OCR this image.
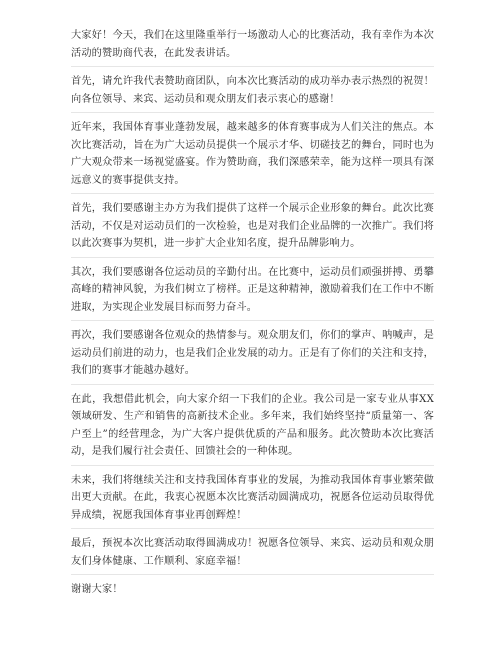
大家好！今天，我们在这里隆重举行一场激动人心的比赛活动，我有幸作为本次活动的赞助商代表，在此发表讲话。

首先，请允许我代表赞助商团队，向本次比赛活动的成功举办表示热烈的祝贺！向各位领导、来宾、运动员和观众朋友们表示衷心的感谢！

近年来，我国体育事业蓬勃发展，越来越多的体育赛事成为人们关注的焦点。本次比赛活动，旨在为广大运动员提供一个展示才华、切磋技艺的舞台，同时也为广大观众带来一场视觉盛宴。作为赞助商，我们深感荣幸，能为这样一项具有深远意义的赛事提供支持。

首先，我们要感谢主办方为我们提供了这样一个展示企业形象的舞台。此次比赛活动，不仅是对运动员们的一次检验，也是对我们企业品牌的一次推广。我们将以此次赛事为契机，进一步扩大企业知名度，提升品牌影响力。

其次，我们要感谢各位运动员的辛勤付出。在比赛中，运动员们顽强拼搏、勇攀高峰的精神风貌，为我们树立了榜样。正是这种精神，激励着我们在工作中不断进取，为实现企业发展目标而努力奋斗。

再次，我们要感谢各位观众的热情参与。观众朋友们，你们的掌声、呐喊声，是运动员们前进的动力，也是我们企业发展的动力。正是有了你们的关注和支持，我们的赛事才能越办越好。

在此，我想借此机会，向大家介绍一下我们的企业。我公司是一家专业从事XX领域研发、生产和销售的高新技术企业。多年来，我们始终坚持“质量第一、客户至上”的经营理念，为广大客户提供优质的产品和服务。此次赞助本次比赛活动，是我们履行社会责任、回馈社会的一种体现。

未来，我们将继续关注和支持我国体育事业的发展，为推动我国体育事业繁荣做出更大贡献。在此，我衷心祝愿本次比赛活动圆满成功，祝愿各位运动员取得优异成绩，祝愿我国体育事业再创辉煌！

最后，预祝本次比赛活动取得圆满成功！祝愿各位领导、来宾、运动员和观众朋友们身体健康、工作顺利、家庭幸福！

谢谢大家！
